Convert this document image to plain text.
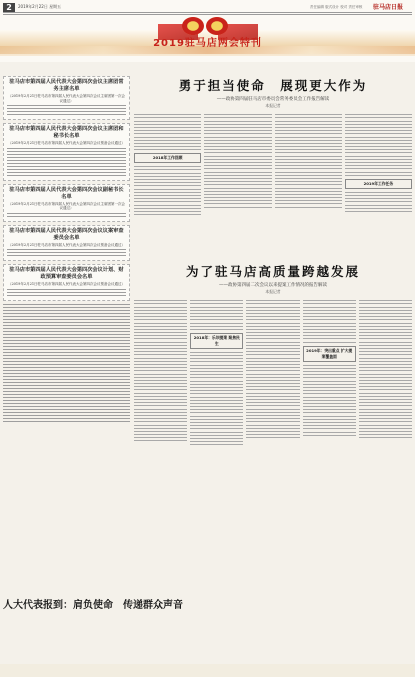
2	2019年2月22日 星期五	责任编辑 版式设计 校对 责任审核 驻马店日报
2019驻马店两会特刊
驻马店市第四届人民代表大会第四次会议主席团常务主席名单
（2019年2月21日驻马店市第四届人民代表大会第四次会议主席团第一次会议通过）
驻马店市第四届人民代表大会第四次会议主席团和秘书长名单
（2019年2月21日驻马店市第四届人民代表大会第四次会议预备会议通过）
驻马店市第四届人民代表大会第四次会议副秘书长名单
（2019年2月21日驻马店市第四届人民代表大会第四次会议主席团第一次会议通过）
驻马店市第四届人民代表大会第四次会议议案审查委员会名单
（2019年2月21日驻马店市第四届人民代表大会第四次会议预备会议通过）
驻马店市第四届人民代表大会第四次会议计划、财政预算审查委员会名单
（2019年2月21日驻马店市第四届人民代表大会第四次会议预备会议通过）
勇于担当使命　展现更大作为
——政协第四届驻马店市委员会常务委员会工作报告解读
本报记者
2018年工作回顾
2019年工作任务
为了驻马店高质量跨越发展
——政协第四届二次会议以来提案工作情况的报告解读
本报记者
2018年：乐坝提案 聚焦民生
2019年：突出重点 扩大提案覆盖面
人大代表报到：肩负使命　传递群众声音
